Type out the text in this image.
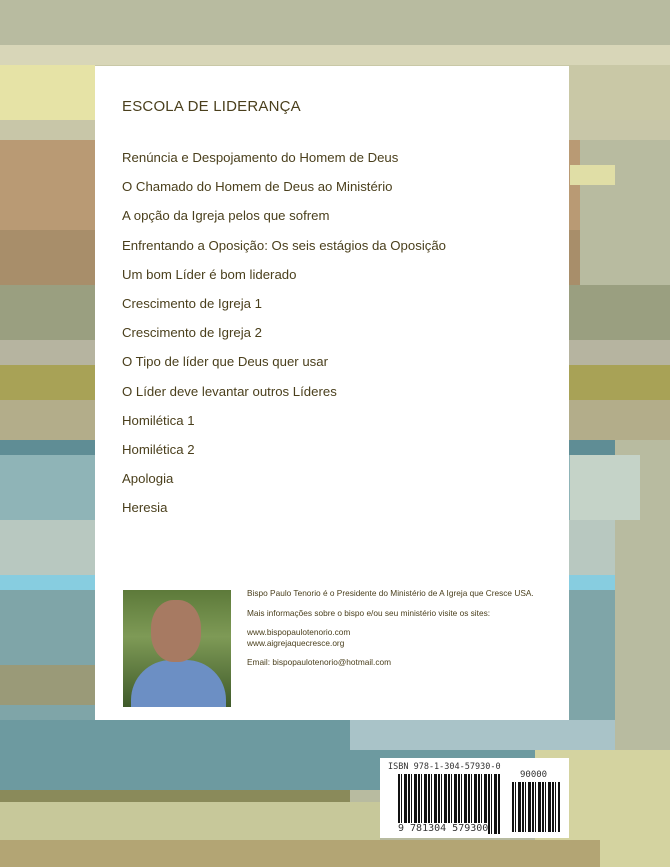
ESCOLA DE LIDERANÇA
Renúncia e Despojamento do Homem de Deus
O Chamado do Homem de Deus ao Ministério
A opção da Igreja pelos que sofrem
Enfrentando a Oposição: Os seis estágios da Oposição
Um bom Líder é bom liderado
Crescimento de Igreja 1
Crescimento de Igreja 2
O Tipo de líder que Deus quer usar
O Líder deve levantar outros Líderes
Homilética 1
Homilética 2
Apologia
Heresia

Bispo Paulo Tenorio é o Presidente do Ministério de A Igreja que Cresce USA.

Mais informações sobre o bispo e/ou seu ministério visite os sites:

www.bispopaulotenorio.com

www.aigrejaquecresce.org

Email: bispopaulotenorio@hotmail.com

ISBN 978-1-304-57930-0
90000
9 781304 579300
